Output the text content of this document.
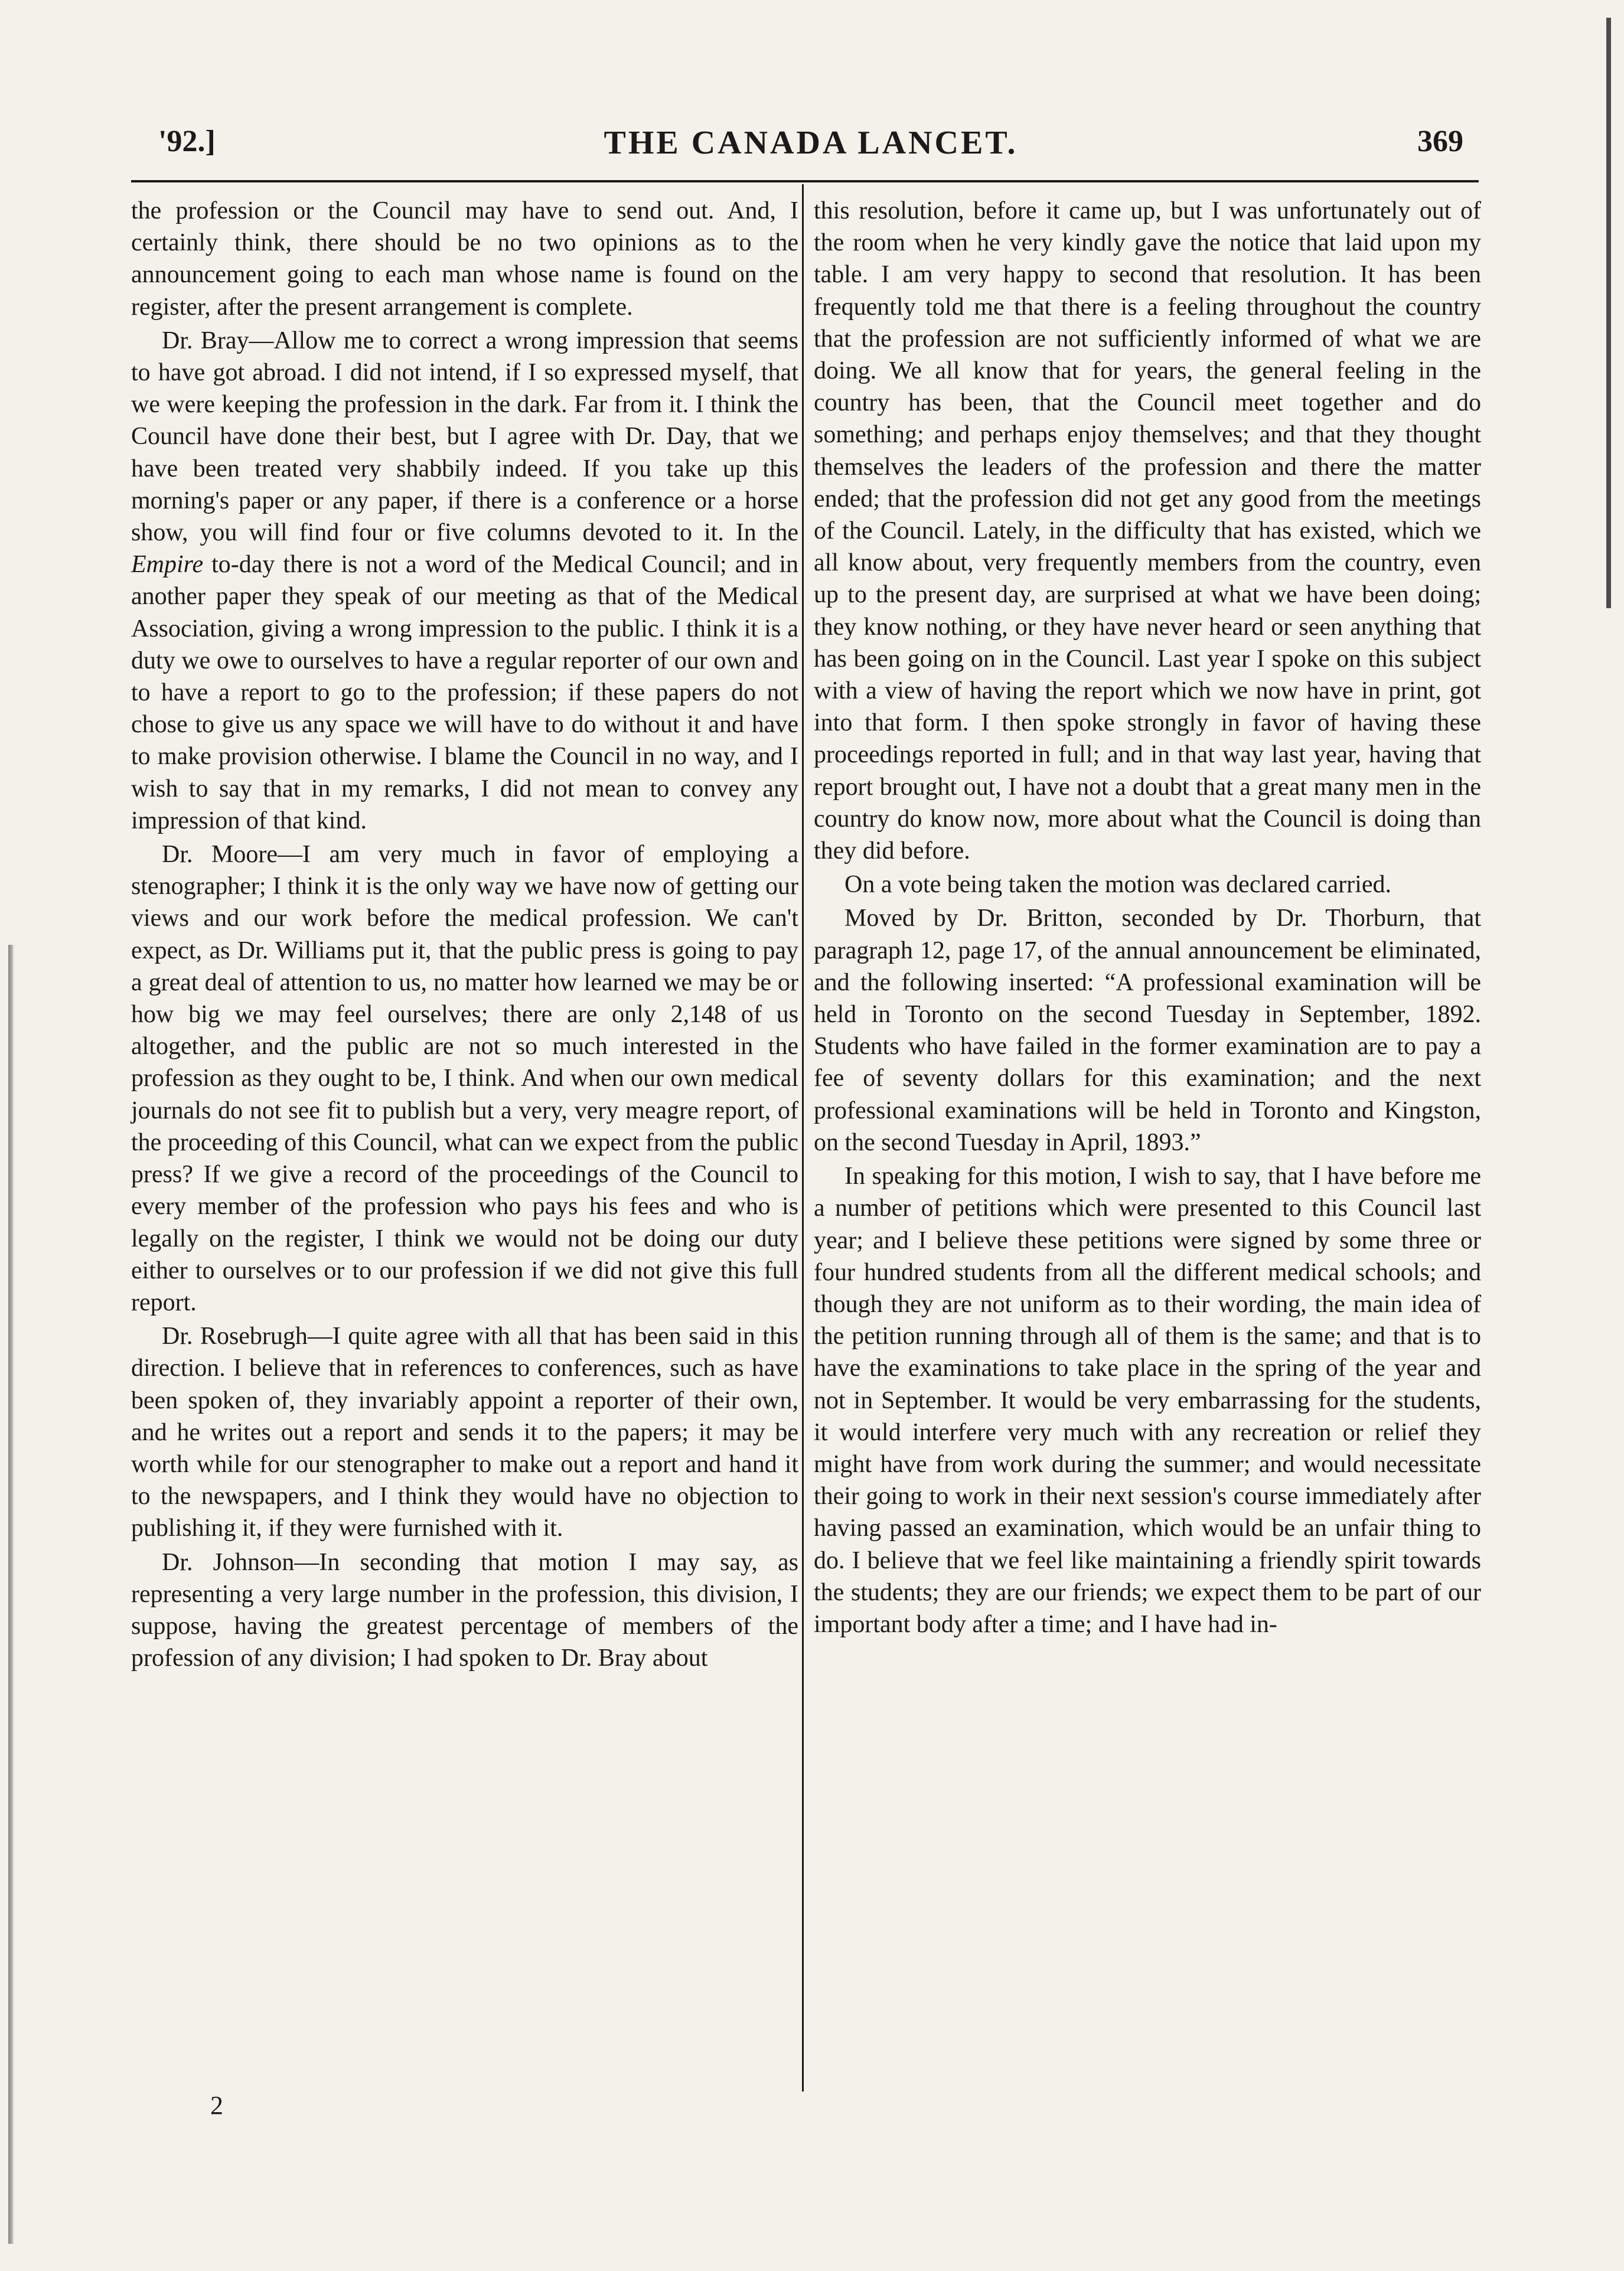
'92.]	THE CANADA LANCET.	369

the profession or the Council may have to send out. And, I certainly think, there should be no two opinions as to the announcement going to each man whose name is found on the register, after the present arrangement is complete.

Dr. Bray—Allow me to correct a wrong impression that seems to have got abroad. I did not intend, if I so expressed myself, that we were keeping the profession in the dark. Far from it. I think the Council have done their best, but I agree with Dr. Day, that we have been treated very shabbily indeed. If you take up this morning's paper or any paper, if there is a conference or a horse show, you will find four or five columns devoted to it. In the Empire to-day there is not a word of the Medical Council; and in another paper they speak of our meeting as that of the Medical Association, giving a wrong impression to the public. I think it is a duty we owe to ourselves to have a regular reporter of our own and to have a report to go to the profession; if these papers do not chose to give us any space we will have to do without it and have to make provision otherwise. I blame the Council in no way, and I wish to say that in my remarks, I did not mean to convey any impression of that kind.

Dr. Moore—I am very much in favor of employing a stenographer; I think it is the only way we have now of getting our views and our work before the medical profession. We can't expect, as Dr. Williams put it, that the public press is going to pay a great deal of attention to us, no matter how learned we may be or how big we may feel ourselves; there are only 2,148 of us altogether, and the public are not so much interested in the profession as they ought to be, I think. And when our own medical journals do not see fit to publish but a very, very meagre report, of the proceeding of this Council, what can we expect from the public press? If we give a record of the proceedings of the Council to every member of the profession who pays his fees and who is legally on the register, I think we would not be doing our duty either to ourselves or to our profession if we did not give this full report.

Dr. Rosebrugh—I quite agree with all that has been said in this direction. I believe that in references to conferences, such as have been spoken of, they invariably appoint a reporter of their own, and he writes out a report and sends it to the papers; it may be worth while for our stenographer to make out a report and hand it to the newspapers, and I think they would have no objection to publishing it, if they were furnished with it.

Dr. Johnson—In seconding that motion I may say, as representing a very large number in the profession, this division, I suppose, having the greatest percentage of members of the profession of any division; I had spoken to Dr. Bray about

this resolution, before it came up, but I was unfortunately out of the room when he very kindly gave the notice that laid upon my table. I am very happy to second that resolution. It has been frequently told me that there is a feeling throughout the country that the profession are not sufficiently informed of what we are doing. We all know that for years, the general feeling in the country has been, that the Council meet together and do something; and perhaps enjoy themselves; and that they thought themselves the leaders of the profession and there the matter ended; that the profession did not get any good from the meetings of the Council. Lately, in the difficulty that has existed, which we all know about, very frequently members from the country, even up to the present day, are surprised at what we have been doing; they know nothing, or they have never heard or seen anything that has been going on in the Council. Last year I spoke on this subject with a view of having the report which we now have in print, got into that form. I then spoke strongly in favor of having these proceedings reported in full; and in that way last year, having that report brought out, I have not a doubt that a great many men in the country do know now, more about what the Council is doing than they did before.

On a vote being taken the motion was declared carried.

Moved by Dr. Britton, seconded by Dr. Thorburn, that paragraph 12, page 17, of the annual announcement be eliminated, and the following inserted: “A professional examination will be held in Toronto on the second Tuesday in September, 1892. Students who have failed in the former examination are to pay a fee of seventy dollars for this examination; and the next professional examinations will be held in Toronto and Kingston, on the second Tuesday in April, 1893.”

In speaking for this motion, I wish to say, that I have before me a number of petitions which were presented to this Council last year; and I believe these petitions were signed by some three or four hundred students from all the different medical schools; and though they are not uniform as to their wording, the main idea of the petition running through all of them is the same; and that is to have the examinations to take place in the spring of the year and not in September. It would be very embarrassing for the students, it would interfere very much with any recreation or relief they might have from work during the summer; and would necessitate their going to work in their next session's course immediately after having passed an examination, which would be an unfair thing to do. I believe that we feel like maintaining a friendly spirit towards the students; they are our friends; we expect them to be part of our important body after a time; and I have had in-

2
